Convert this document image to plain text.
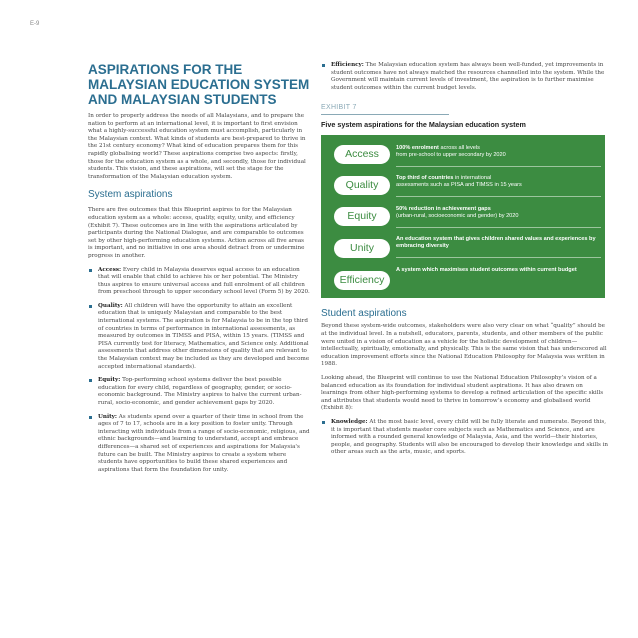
E-9
ASPIRATIONS FOR THE MALAYSIAN EDUCATION SYSTEM AND MALAYSIAN STUDENTS

In order to properly address the needs of all Malaysians, and to prepare the nation to perform at an international level, it is important to first envision what a highly-successful education system must accomplish, particularly in the Malaysian context. What kinds of students are best-prepared to thrive in the 21st century economy? What kind of education prepares them for this rapidly globalising world? These aspirations comprise two aspects: firstly, those for the education system as a whole, and secondly, those for individual students. This vision, and these aspirations, will set the stage for the transformation of the Malaysian education system.

System aspirations

There are five outcomes that this Blueprint aspires to for the Malaysian education system as a whole: access, quality, equity, unity, and efficiency (Exhibit 7). These outcomes are in line with the aspirations articulated by participants during the National Dialogue, and are comparable to outcomes set by other high-performing education systems. Action across all five areas is important, and no initiative in one area should detract from or undermine progress in another.

Access: Every child in Malaysia deserves equal access to an education that will enable that child to achieve his or her potential. The Ministry thus aspires to ensure universal access and full enrolment of all children from preschool through to upper secondary school level (Form 5) by 2020.
Quality: All children will have the opportunity to attain an excellent education that is uniquely Malaysian and comparable to the best international systems. The aspiration is for Malaysia to be in the top third of countries in terms of performance in international assessments, as measured by outcomes in TIMSS and PISA, within 15 years. (TIMSS and PISA currently test for literacy, Mathematics, and Science only. Additional assessments that address other dimensions of quality that are relevant to the Malaysian context may be included as they are developed and become accepted international standards).
Equity: Top-performing school systems deliver the best possible education for every child, regardless of geography, gender, or socio-economic background. The Ministry aspires to halve the current urban-rural, socio-economic, and gender achievement gaps by 2020.
Unity: As students spend over a quarter of their time in school from the ages of 7 to 17, schools are in a key position to foster unity. Through interacting with individuals from a range of socio-economic, religious, and ethnic backgrounds—and learning to understand, accept and embrace differences—a shared set of experiences and aspirations for Malaysia's future can be built. The Ministry aspires to create a system where students have opportunities to build these shared experiences and aspirations that form the foundation for unity.
Efficiency: The Malaysian education system has always been well-funded, yet improvements in student outcomes have not always matched the resources channelled into the system. While the Government will maintain current levels of investment, the aspiration is to further maximise student outcomes within the current budget levels.
EXHIBIT 7
Five system aspirations for the Malaysian education system
Access	100% enrolment across all levels
from pre-school to upper secondary by 2020
Quality
Top third of countries in international
assessments such as PISA and TIMSS in 15 years
Equity
50% reduction in achievement gaps
(urban-rural, socioeconomic and gender) by 2020
Unity
An education system that gives children shared values and experiences by embracing diversity
Efficiency
A system which maximises student outcomes within current budget
Student aspirations

Beyond these system-wide outcomes, stakeholders were also very clear on what “quality” should be at the individual level. In a nutshell, educators, parents, students, and other members of the public were united in a vision of education as a vehicle for the holistic development of children—intellectually, spiritually, emotionally, and physically. This is the same vision that has underscored all education improvement efforts since the National Education Philosophy for Malaysia was written in 1988.

Looking ahead, the Blueprint will continue to use the National Education Philosophy’s vision of a balanced education as its foundation for individual student aspirations. It has also drawn on learnings from other high-performing systems to develop a refined articulation of the specific skills and attributes that students would need to thrive in tomorrow’s economy and globalised world (Exhibit 8):

Knowledge: At the most basic level, every child will be fully literate and numerate. Beyond this, it is important that students master core subjects such as Mathematics and Science, and are informed with a rounded general knowledge of Malaysia, Asia, and the world—their histories, people, and geography. Students will also be encouraged to develop their knowledge and skills in other areas such as the arts, music, and sports.
